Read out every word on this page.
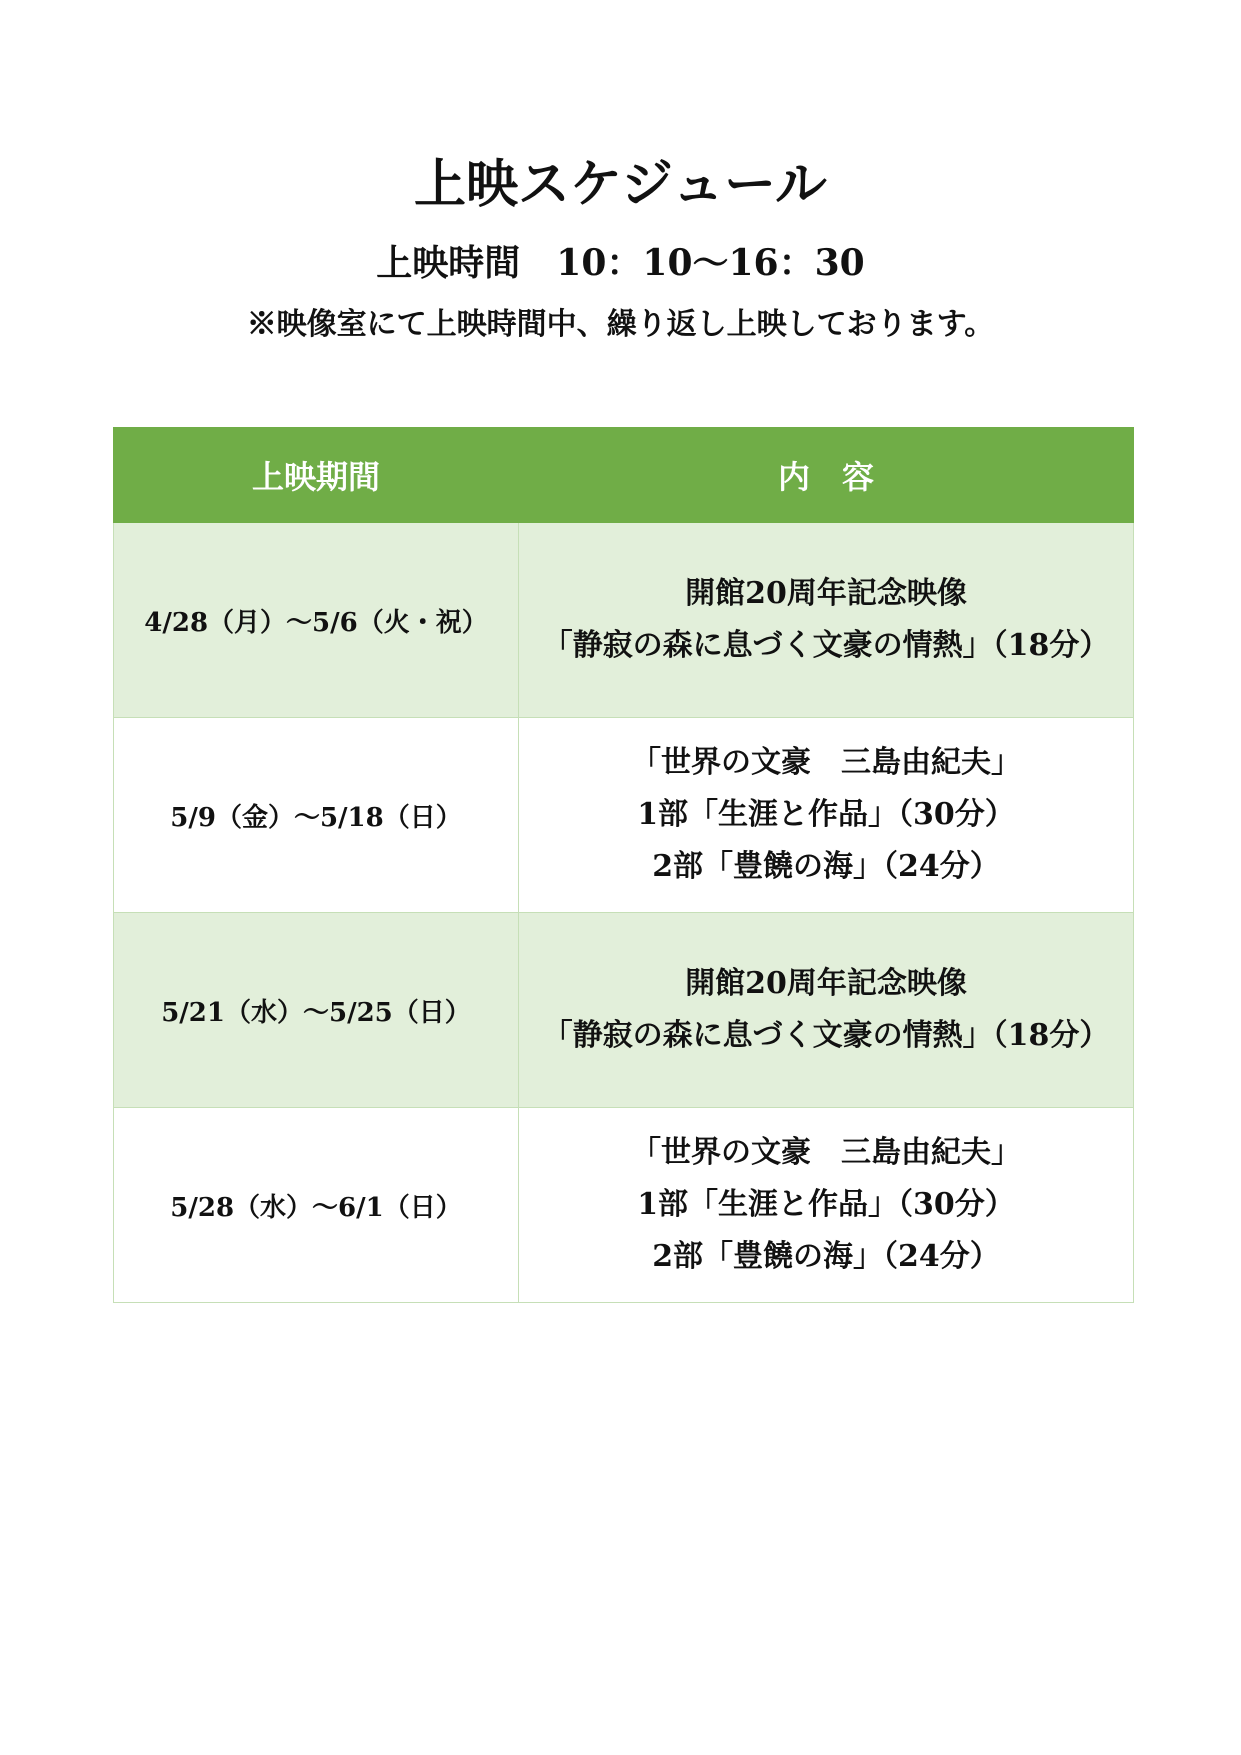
上映スケジュール
上映時間　10：10～16：30
※映像室にて上映時間中、繰り返し上映しております。
上映期間	内　容
4/28（月）～5/6（火・祝）	開館20周年記念映像
「静寂の森に息づく文豪の情熱」（18分）

5/9（金）～5/18（日）	「世界の文豪　三島由紀夫」
1部「生涯と作品」（30分）
2部「豊饒の海」（24分）

5/21（水）～5/25（日）	開館20周年記念映像
「静寂の森に息づく文豪の情熱」（18分）

5/28（水）～6/1（日）	「世界の文豪　三島由紀夫」
1部「生涯と作品」（30分）
2部「豊饒の海」（24分）
